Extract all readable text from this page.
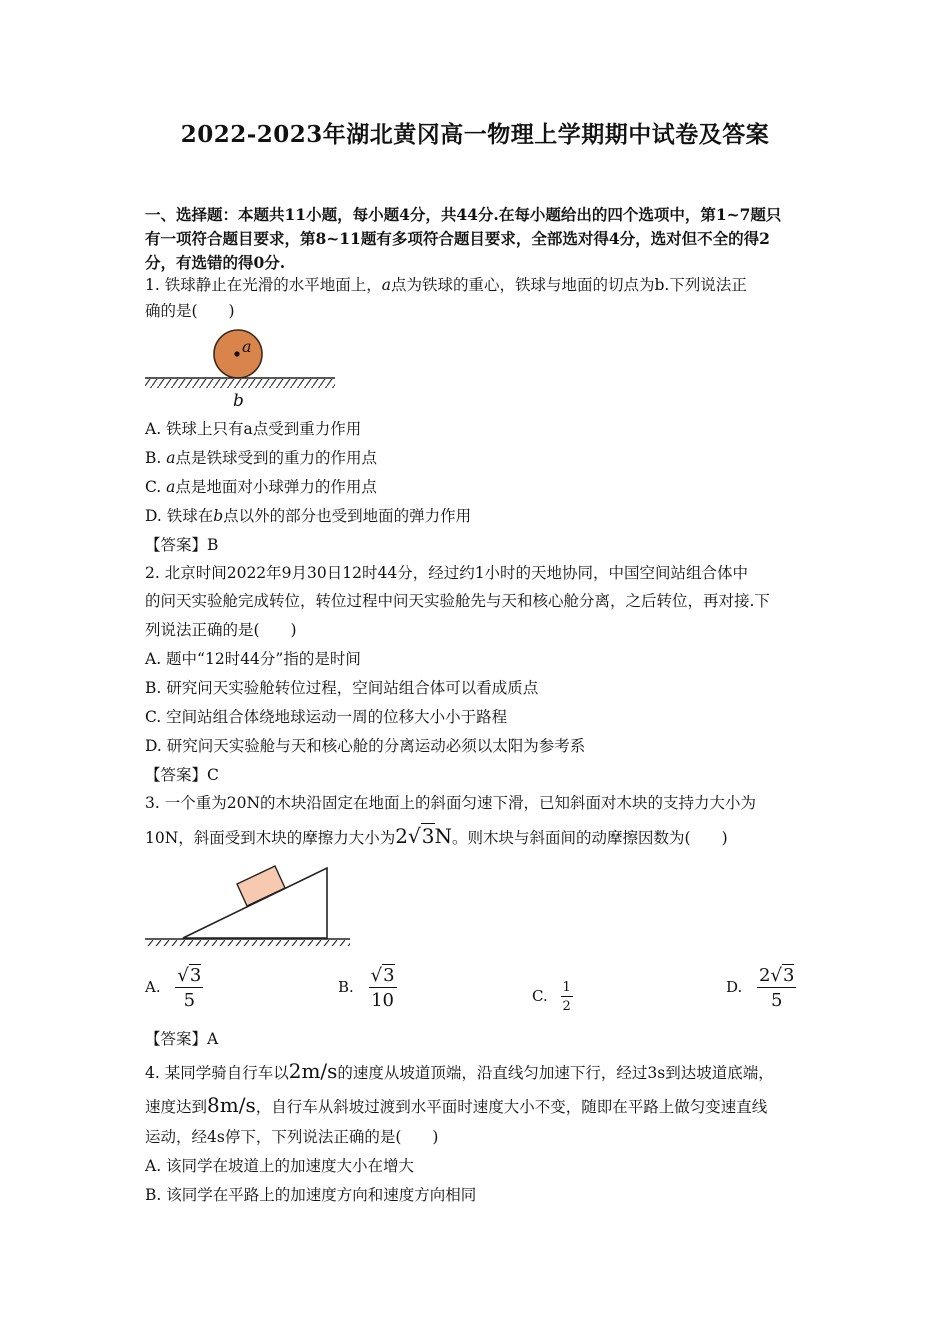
2022-2023年湖北黄冈高一物理上学期期中试卷及答案
一、选择题：本题共11小题，每小题4分，共44分.在每小题给出的四个选项中，第1~7题只
有一项符合题目要求，第8~11题有多项符合题目要求，全部选对得4分，选对但不全的得2
分，有选错的得0分.
1. 铁球静止在光滑的水平地面上，a点为铁球的重心，铁球与地面的切点为b.下列说法正
确的是(　　)
a
b
A. 铁球上只有a点受到重力作用
B. a点是铁球受到的重力的作用点
C. a点是地面对小球弹力的作用点
D. 铁球在b点以外的部分也受到地面的弹力作用
【答案】B
2. 北京时间2022年9月30日12时44分，经过约1小时的天地协同，中国空间站组合体中
的问天实验舱完成转位，转位过程中问天实验舱先与天和核心舱分离，之后转位，再对接.下
列说法正确的是(　　)
A. 题中“12时44分”指的是时间
B. 研究问天实验舱转位过程，空间站组合体可以看成质点
C. 空间站组合体绕地球运动一周的位移大小小于路程
D. 研究问天实验舱与天和核心舱的分离运动必须以太阳为参考系
【答案】C
3. 一个重为20N的木块沿固定在地面上的斜面匀速下滑，已知斜面对木块的支持力大小为
10N，斜面受到木块的摩擦力大小为2√3N。则木块与斜面间的动摩擦因数为(　　)
A. $\frac{√3}{5}$	B. $\frac{√3}{10}$	C. $\frac{1}{2}$	D. $\frac{2√3}{5}$
【答案】A
4. 某同学骑自行车以2m/s的速度从坡道顶端，沿直线匀加速下行，经过3s到达坡道底端，
速度达到8m/s，自行车从斜坡过渡到水平面时速度大小不变，随即在平路上做匀变速直线
运动，经4s停下，下列说法正确的是(　　)
A. 该同学在坡道上的加速度大小在增大
B. 该同学在平路上的加速度方向和速度方向相同
